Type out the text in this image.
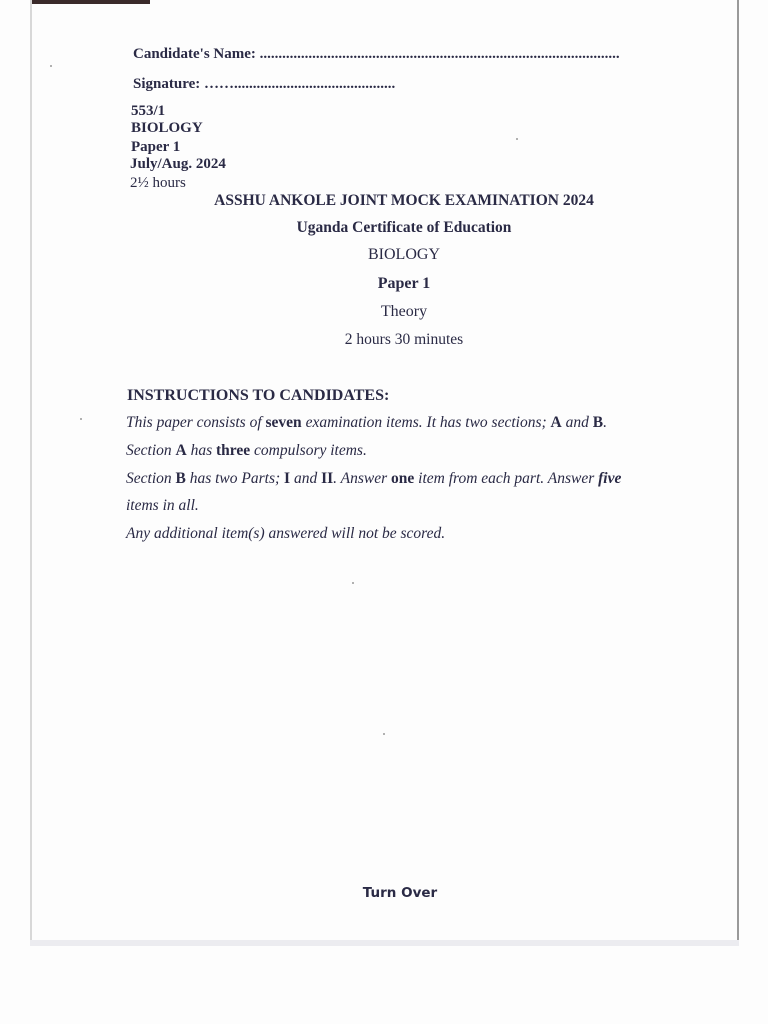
Candidate's Name: ................................................................................................
Signature: ……...........................................
553/1
BIOLOGY
Paper 1
July/Aug. 2024
2½ hours
ASSHU ANKOLE JOINT MOCK EXAMINATION 2024
Uganda Certificate of Education
BIOLOGY
Paper 1
Theory
2 hours 30 minutes
INSTRUCTIONS TO CANDIDATES:
This paper consists of seven examination items. It has two sections; A and B.
Section A has three compulsory items.
Section B has two Parts; I and II. Answer one item from each part. Answer five
items in all.
Any additional item(s) answered will not be scored.
Turn Over
